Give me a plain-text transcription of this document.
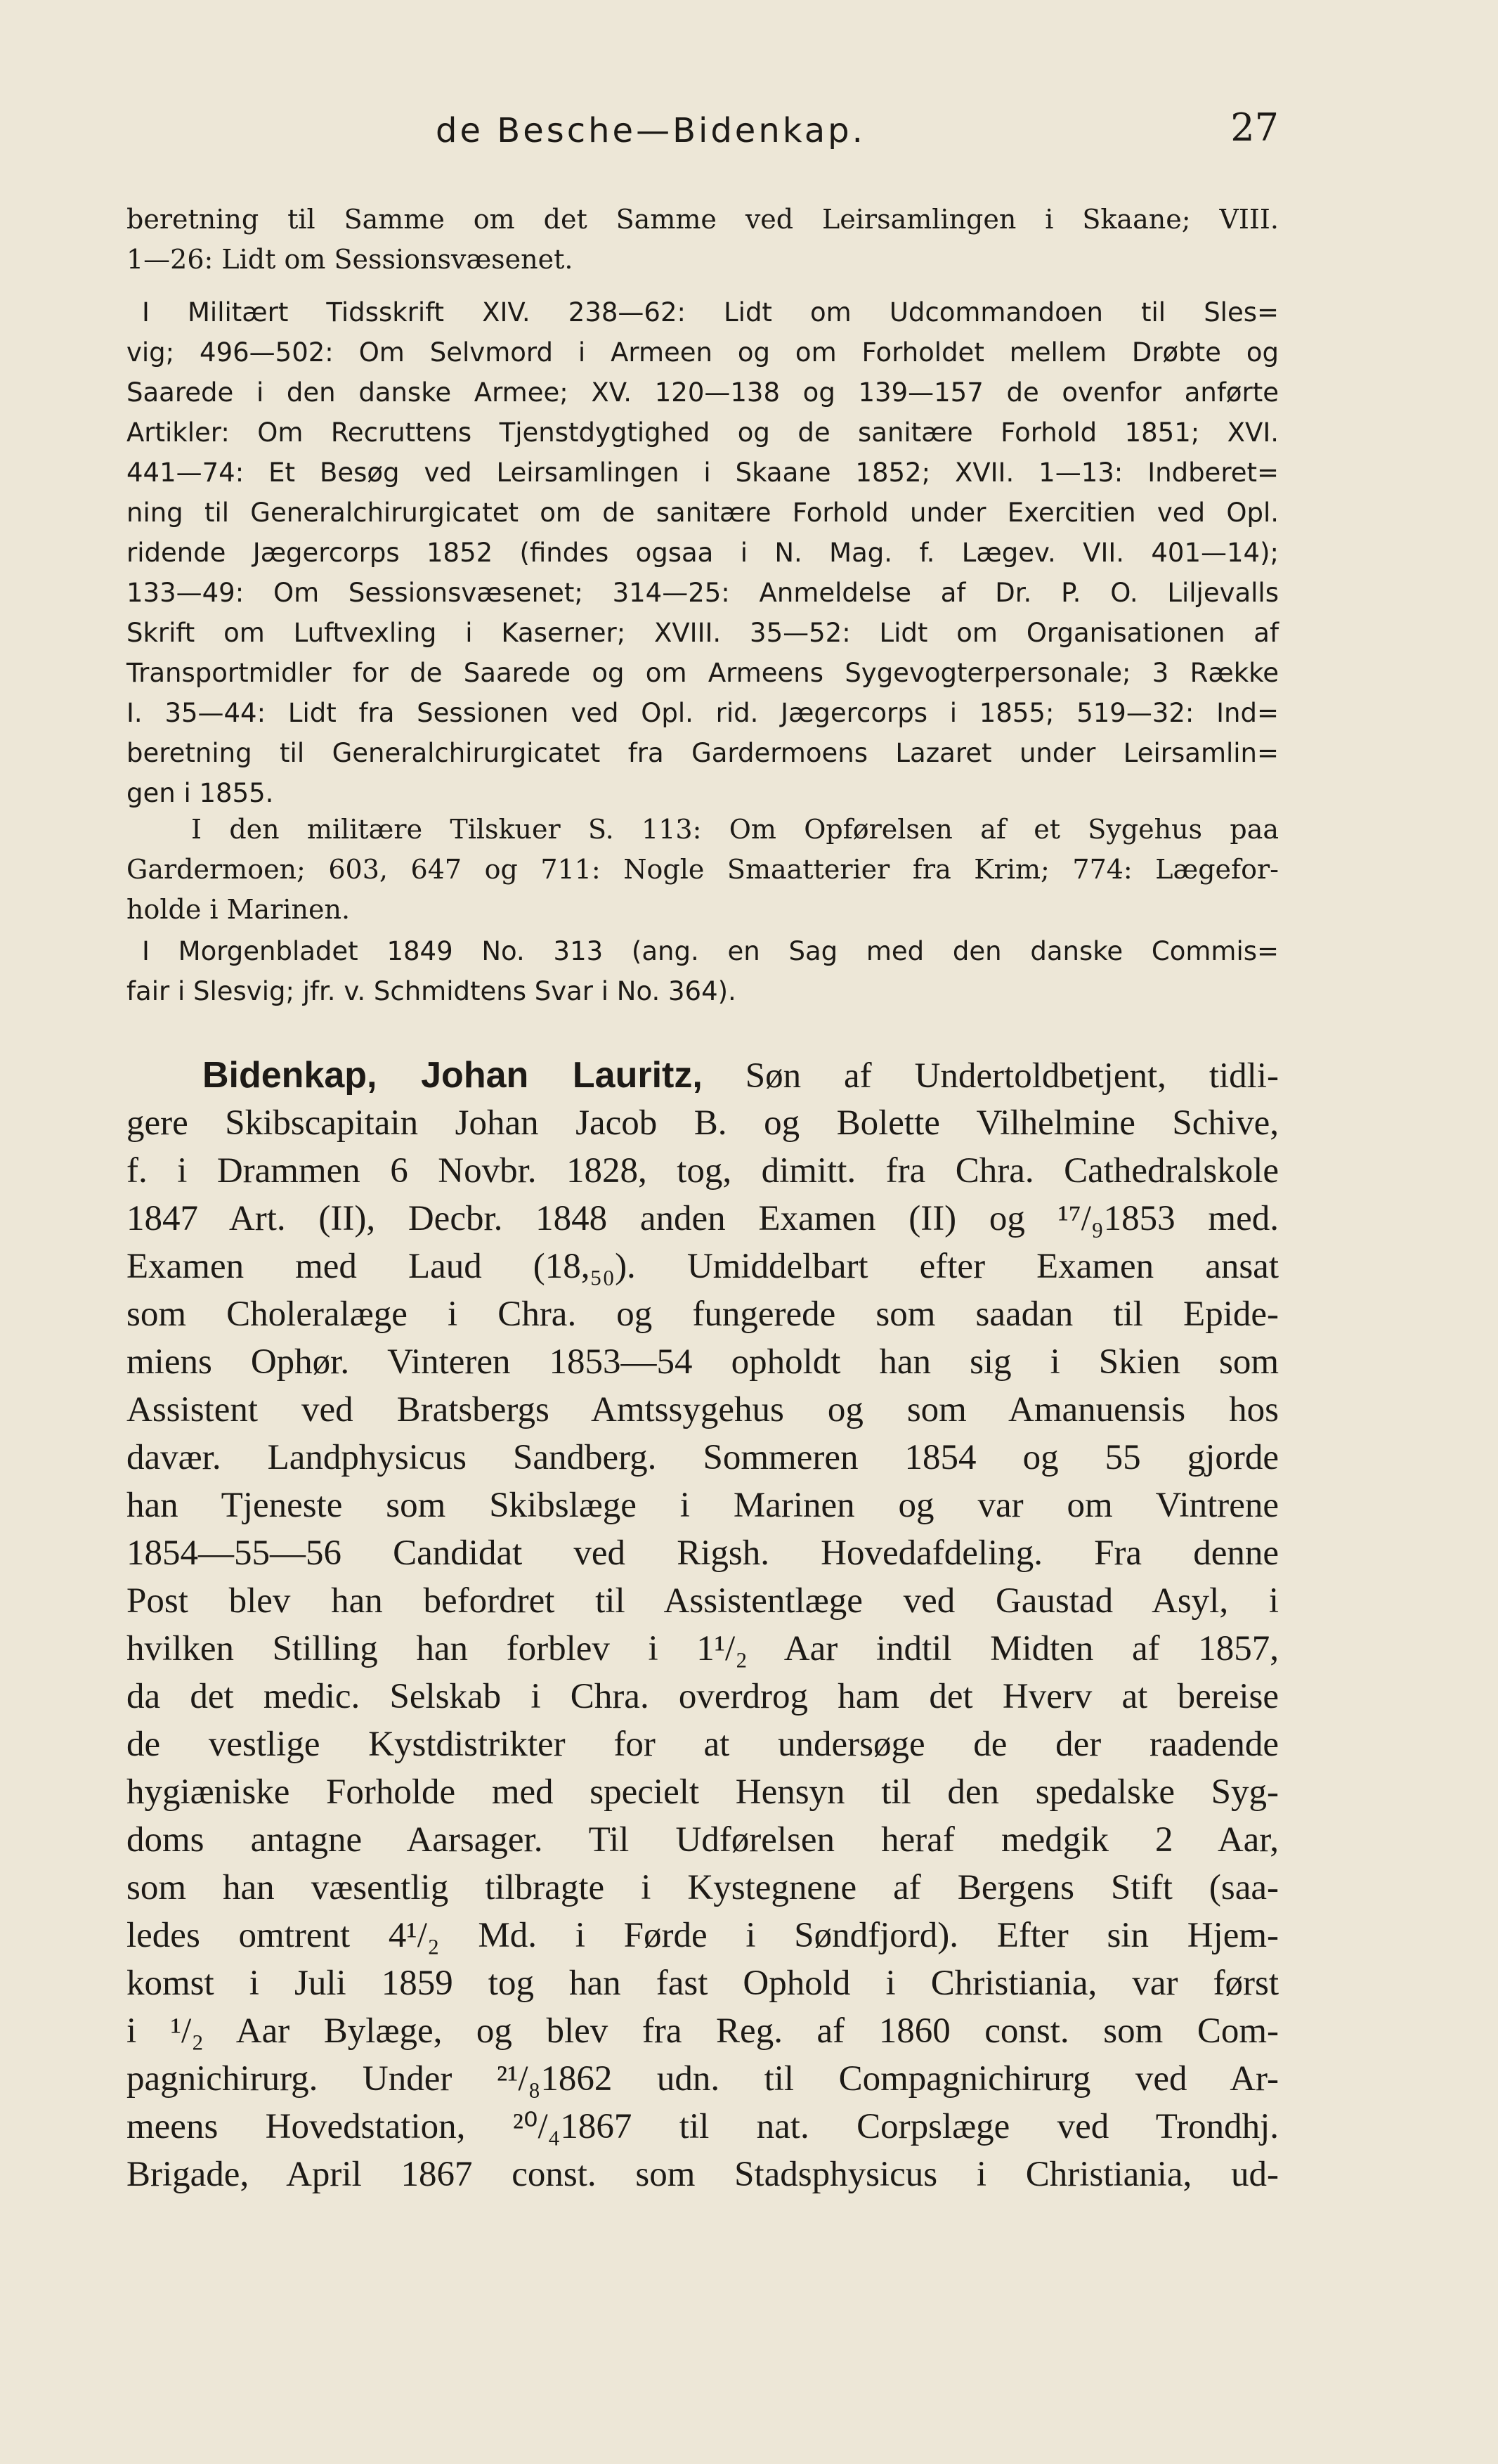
de Besche—Bidenkap.	27
beretning til Samme om det Samme ved Leirsamlingen i Skaane; VIII.
1—26: Lidt om Sessionsvæsenet.
I Militært Tidsskrift XIV. 238—62: Lidt om Udcommandoen til Sles=
vig; 496—502: Om Selvmord i Armeen og om Forholdet mellem Drøbte og
Saarede i den danske Armee; XV. 120—138 og 139—157 de ovenfor anførte
Artikler: Om Recruttens Tjenstdygtighed og de sanitære Forhold 1851; XVI.
441—74: Et Besøg ved Leirsamlingen i Skaane 1852; XVII. 1—13: Indberet=
ning til Generalchirurgicatet om de sanitære Forhold under Exercitien ved Opl.
ridende Jægercorps 1852 (findes ogsaa i N. Mag. f. Lægev. VII. 401—14);
133—49: Om Sessionsvæsenet; 314—25: Anmeldelse af Dr. P. O. Liljevalls
Skrift om Luftvexling i Kaserner; XVIII. 35—52: Lidt om Organisationen af
Transportmidler for de Saarede og om Armeens Sygevogterpersonale; 3 Række
I. 35—44: Lidt fra Sessionen ved Opl. rid. Jægercorps i 1855; 519—32: Ind=
beretning til Generalchirurgicatet fra Gardermoens Lazaret under Leirsamlin=
gen i 1855.
I den militære Tilskuer S. 113: Om Opførelsen af et Sygehus paa
Gardermoen; 603, 647 og 711: Nogle Smaatterier fra Krim; 774: Lægefor-
holde i Marinen.
I Morgenbladet 1849 No. 313 (ang. en Sag med den danske Commis=
fair i Slesvig; jfr. v. Schmidtens Svar i No. 364).
Bidenkap, Johan Lauritz, Søn af Undertoldbetjent, tidli-
gere Skibscapitain Johan Jacob B. og Bolette Vilhelmine Schive,
f. i Drammen 6 Novbr. 1828, tog, dimitt. fra Chra. Cathedralskole
1847 Art. (II), Decbr. 1848 anden Examen (II) og ¹⁷/₉1853 med.
Examen med Laud (18,₅₀). Umiddelbart efter Examen ansat
som Choleralæge i Chra. og fungerede som saadan til Epide-
miens Ophør. Vinteren 1853—54 opholdt han sig i Skien som
Assistent ved Bratsbergs Amtssygehus og som Amanuensis hos
davær. Landphysicus Sandberg. Sommeren 1854 og 55 gjorde
han Tjeneste som Skibslæge i Marinen og var om Vintrene
1854—55—56 Candidat ved Rigsh. Hovedafdeling. Fra denne
Post blev han befordret til Assistentlæge ved Gaustad Asyl, i
hvilken Stilling han forblev i 1¹/₂ Aar indtil Midten af 1857,
da det medic. Selskab i Chra. overdrog ham det Hverv at bereise
de vestlige Kystdistrikter for at undersøge de der raadende
hygiæniske Forholde med specielt Hensyn til den spedalske Syg-
doms antagne Aarsager. Til Udførelsen heraf medgik 2 Aar,
som han væsentlig tilbragte i Kystegnene af Bergens Stift (saa-
ledes omtrent 4¹/₂ Md. i Førde i Søndfjord). Efter sin Hjem-
komst i Juli 1859 tog han fast Ophold i Christiania, var først
i ¹/₂ Aar Bylæge, og blev fra Reg. af 1860 const. som Com-
pagnichirurg. Under ²¹/₈1862 udn. til Compagnichirurg ved Ar-
meens Hovedstation, ²⁰/₄1867 til nat. Corpslæge ved Trondhj.
Brigade, April 1867 const. som Stadsphysicus i Christiania, ud-
